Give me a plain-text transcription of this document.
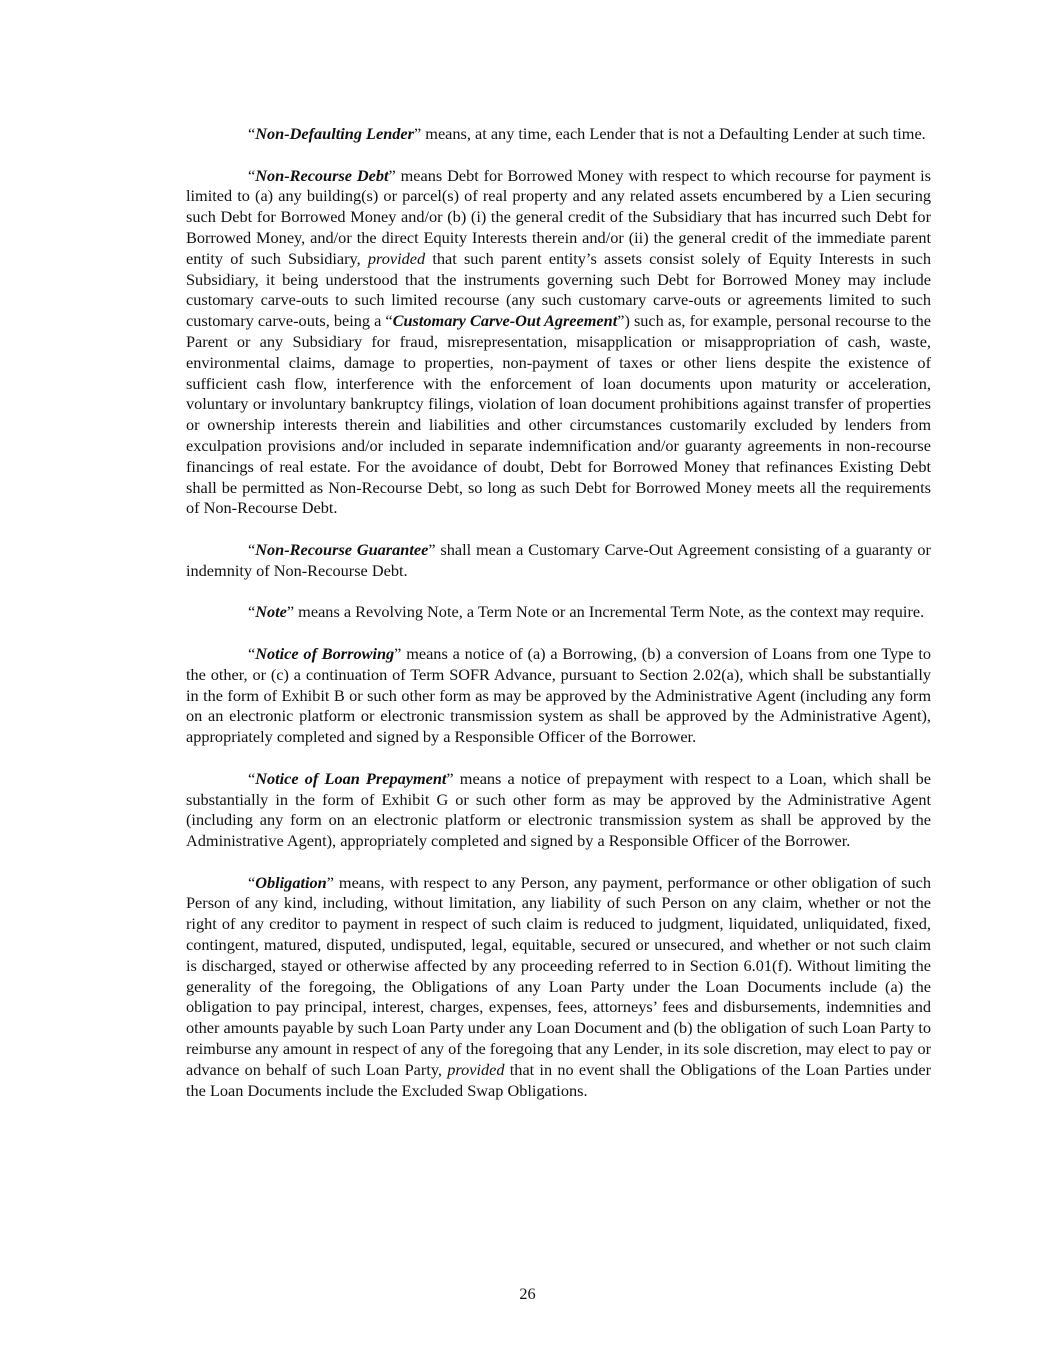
“Non-Defaulting Lender” means, at any time, each Lender that is not a Defaulting Lender at such time.

“Non-Recourse Debt” means Debt for Borrowed Money with respect to which recourse for payment is limited to (a) any building(s) or parcel(s) of real property and any related assets encumbered by a Lien securing such Debt for Borrowed Money and/or (b) (i) the general credit of the Subsidiary that has incurred such Debt for Borrowed Money, and/or the direct Equity Interests therein and/or (ii) the general credit of the immediate parent entity of such Subsidiary, provided that such parent entity’s assets consist solely of Equity Interests in such Subsidiary, it being understood that the instruments governing such Debt for Borrowed Money may include customary carve-outs to such limited recourse (any such customary carve-outs or agreements limited to such customary carve-outs, being a “Customary Carve-Out Agreement”) such as, for example, personal recourse to the Parent or any Subsidiary for fraud, misrepresentation, misapplication or misappropriation of cash, waste, environmental claims, damage to properties, non-payment of taxes or other liens despite the existence of sufficient cash flow, interference with the enforcement of loan documents upon maturity or acceleration, voluntary or involuntary bankruptcy filings, violation of loan document prohibitions against transfer of properties or ownership interests therein and liabilities and other circumstances customarily excluded by lenders from exculpation provisions and/or included in separate indemnification and/or guaranty agreements in non-recourse financings of real estate. For the avoidance of doubt, Debt for Borrowed Money that refinances Existing Debt shall be permitted as Non-Recourse Debt, so long as such Debt for Borrowed Money meets all the requirements of Non-Recourse Debt.

“Non-Recourse Guarantee” shall mean a Customary Carve-Out Agreement consisting of a guaranty or indemnity of Non-Recourse Debt.

“Note” means a Revolving Note, a Term Note or an Incremental Term Note, as the context may require.

“Notice of Borrowing” means a notice of (a) a Borrowing, (b) a conversion of Loans from one Type to the other, or (c) a continuation of Term SOFR Advance, pursuant to Section 2.02(a), which shall be substantially in the form of Exhibit B or such other form as may be approved by the Administrative Agent (including any form on an electronic platform or electronic transmission system as shall be approved by the Administrative Agent), appropriately completed and signed by a Responsible Officer of the Borrower.

“Notice of Loan Prepayment” means a notice of prepayment with respect to a Loan, which shall be substantially in the form of Exhibit G or such other form as may be approved by the Administrative Agent (including any form on an electronic platform or electronic transmission system as shall be approved by the Administrative Agent), appropriately completed and signed by a Responsible Officer of the Borrower.

“Obligation” means, with respect to any Person, any payment, performance or other obligation of such Person of any kind, including, without limitation, any liability of such Person on any claim, whether or not the right of any creditor to payment in respect of such claim is reduced to judgment, liquidated, unliquidated, fixed, contingent, matured, disputed, undisputed, legal, equitable, secured or unsecured, and whether or not such claim is discharged, stayed or otherwise affected by any proceeding referred to in Section 6.01(f). Without limiting the generality of the foregoing, the Obligations of any Loan Party under the Loan Documents include (a) the obligation to pay principal, interest, charges, expenses, fees, attorneys’ fees and disbursements, indemnities and other amounts payable by such Loan Party under any Loan Document and (b) the obligation of such Loan Party to reimburse any amount in respect of any of the foregoing that any Lender, in its sole discretion, may elect to pay or advance on behalf of such Loan Party, provided that in no event shall the Obligations of the Loan Parties under the Loan Documents include the Excluded Swap Obligations.

26
